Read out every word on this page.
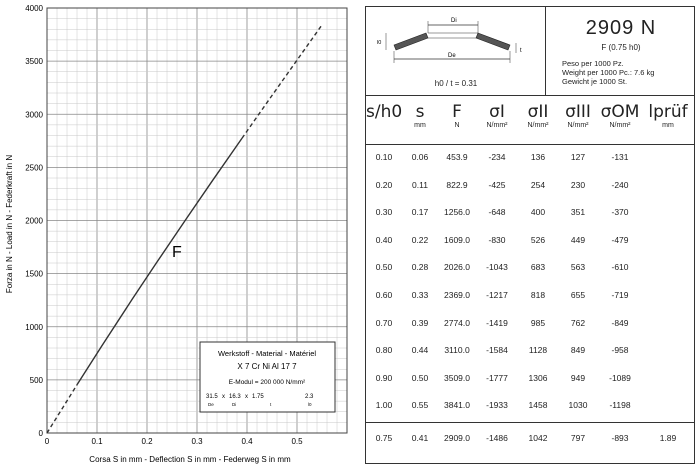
0
500
1000
1500
2000
2500
3000
3500
4000
0	0.1	0.2	0.3	0.4	0.5
F
Forza in N - Load in N - Federkraft in N
Corsa S in mm - Deflection S in mm - Federweg S in mm
Werkstoff - Material - Matériel
X 7 Cr Ni Al 17 7
E-Modul = 200 000 N/mm²
31.5 x 16.3 x 1.75	2.3
De	Di	t	l0
Di
De
l0
t
h0 / t = 0.31
2909 N
F (0.75 h0)
Peso per 1000 Pz.
Weight per 1000 Pc.: 7.6 kg
Gewicht je 1000 St.
s/h0 s
mm
F
N
σI
N/mm²
σII
N/mm²
σIII
N/mm²
σOM
N/mm²
lprüf
mm
0.10	0.06	453.9	-234	136	127	-131
0.20	0.11	822.9	-425	254	230	-240
0.30	0.17	1256.0	-648	400	351	-370
0.40	0.22	1609.0	-830	526	449	-479
0.50	0.28	2026.0	-1043	683	563	-610
0.60	0.33	2369.0	-1217	818	655	-719
0.70	0.39	2774.0	-1419	985	762	-849
0.80	0.44	3110.0	-1584	1128	849	-958
0.90	0.50	3509.0	-1777	1306	949	-1089
1.00	0.55	3841.0	-1933	1458	1030	-1198
0.75	0.41	2909.0	-1486	1042	797	-893	1.89
